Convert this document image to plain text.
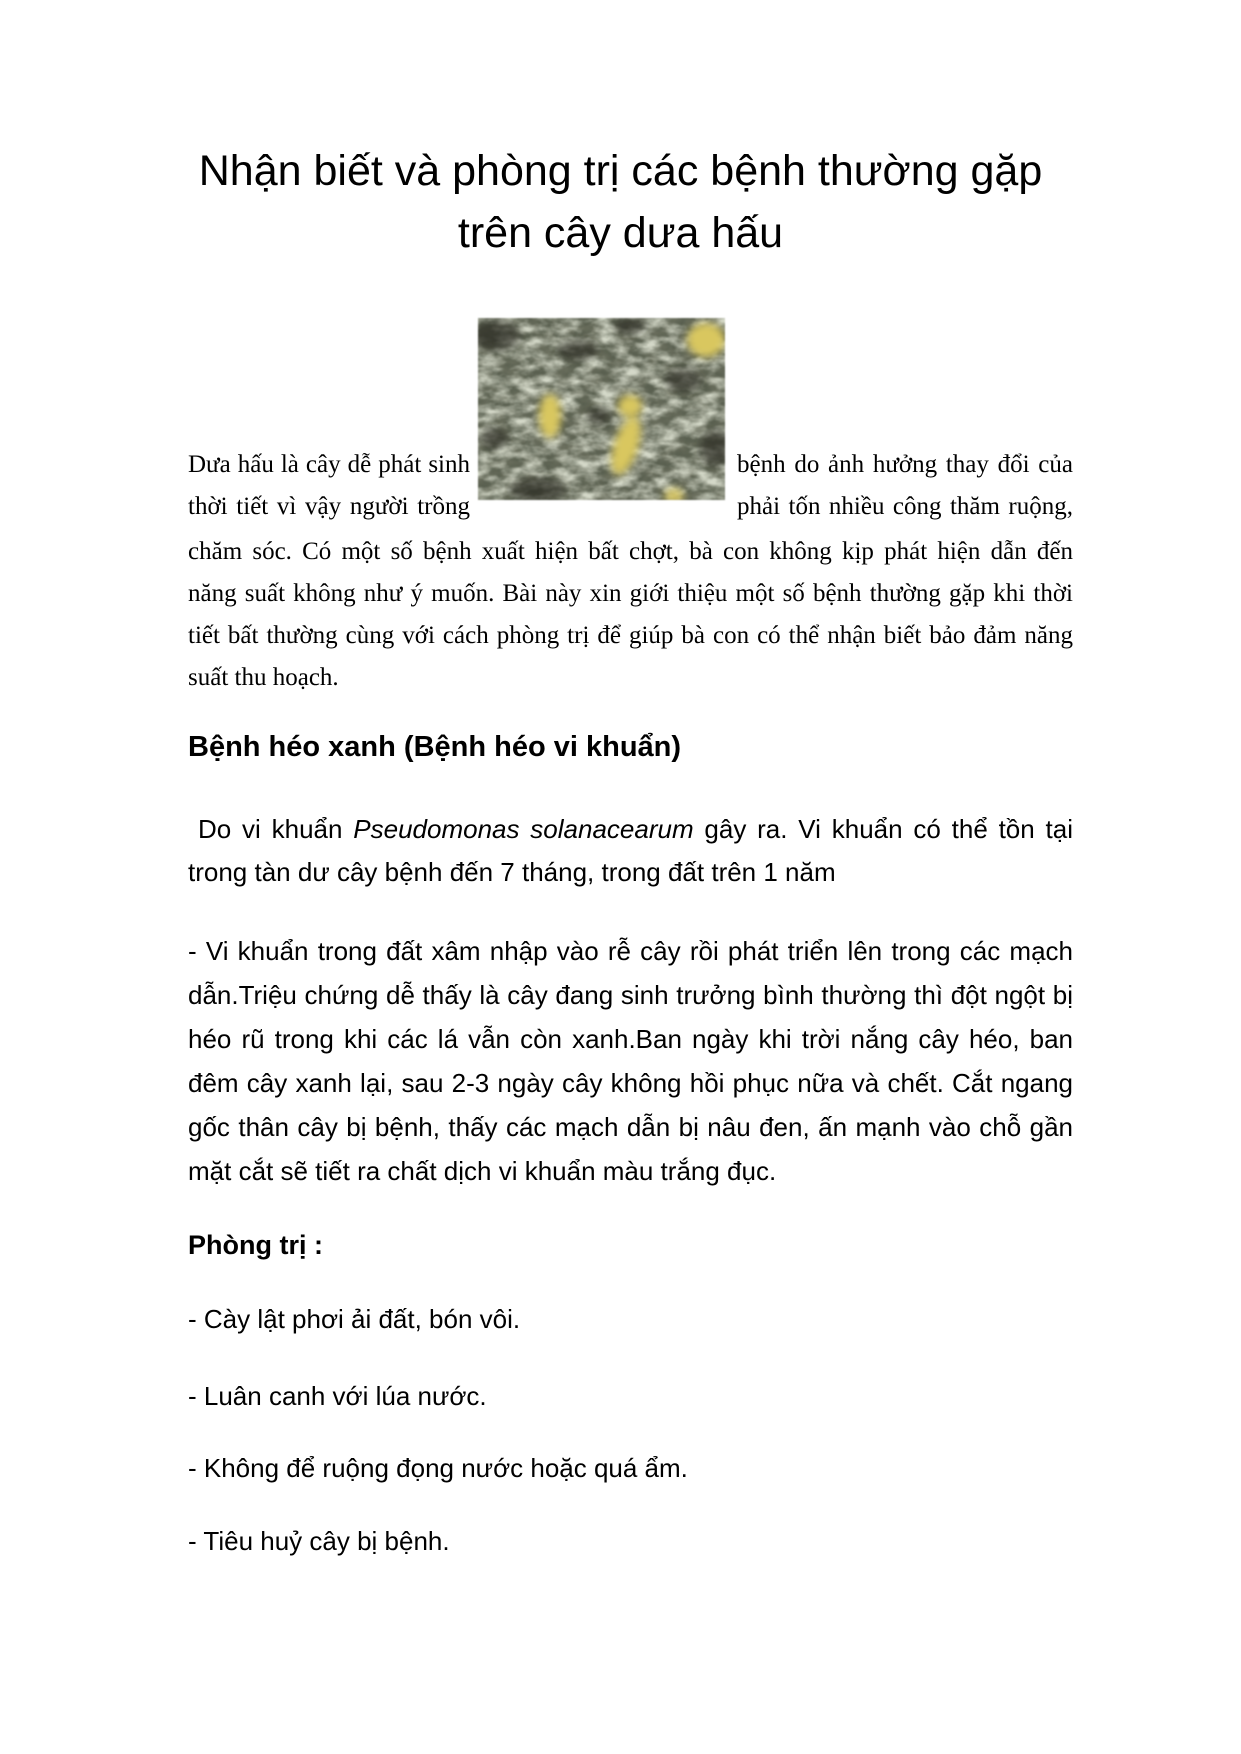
Nhận biết và phòng trị các bệnh thường gặp
trên cây dưa hấu
Dưa hấu là cây dễ phát sinh	bệnh do ảnh hưởng thay đổi của
thời tiết vì vậy người trồng	phải tốn nhiều công thăm ruộng,
chăm sóc. Có một số bệnh xuất hiện bất chợt, bà con không kịp phát hiện dẫn đến
năng suất không như ý muốn. Bài này xin giới thiệu một số bệnh thường gặp khi thời
tiết bất thường cùng với cách phòng trị để giúp bà con có thể nhận biết bảo đảm năng
suất thu hoạch.
Bệnh héo xanh (Bệnh héo vi khuẩn)
Do vi khuẩn Pseudomonas solanacearum gây ra. Vi khuẩn có thể tồn tại
trong tàn dư cây bệnh đến 7 tháng, trong đất trên 1 năm
- Vi khuẩn trong đất xâm nhập vào rễ cây rồi phát triển lên trong các mạch
dẫn.Triệu chứng dễ thấy là cây đang sinh trưởng bình thường thì đột ngột bị
héo rũ trong khi các lá vẫn còn xanh.Ban ngày khi trời nắng cây héo, ban
đêm cây xanh lại, sau 2-3 ngày cây không hồi phục nữa và chết. Cắt ngang
gốc thân cây bị bệnh, thấy các mạch dẫn bị nâu đen, ấn mạnh vào chỗ gần
mặt cắt sẽ tiết ra chất dịch vi khuẩn màu trắng đục.
Phòng trị :
- Cày lật phơi ải đất, bón vôi.
- Luân canh với lúa nước.
- Không để ruộng đọng nước hoặc quá ẩm.
- Tiêu huỷ cây bị bệnh.
